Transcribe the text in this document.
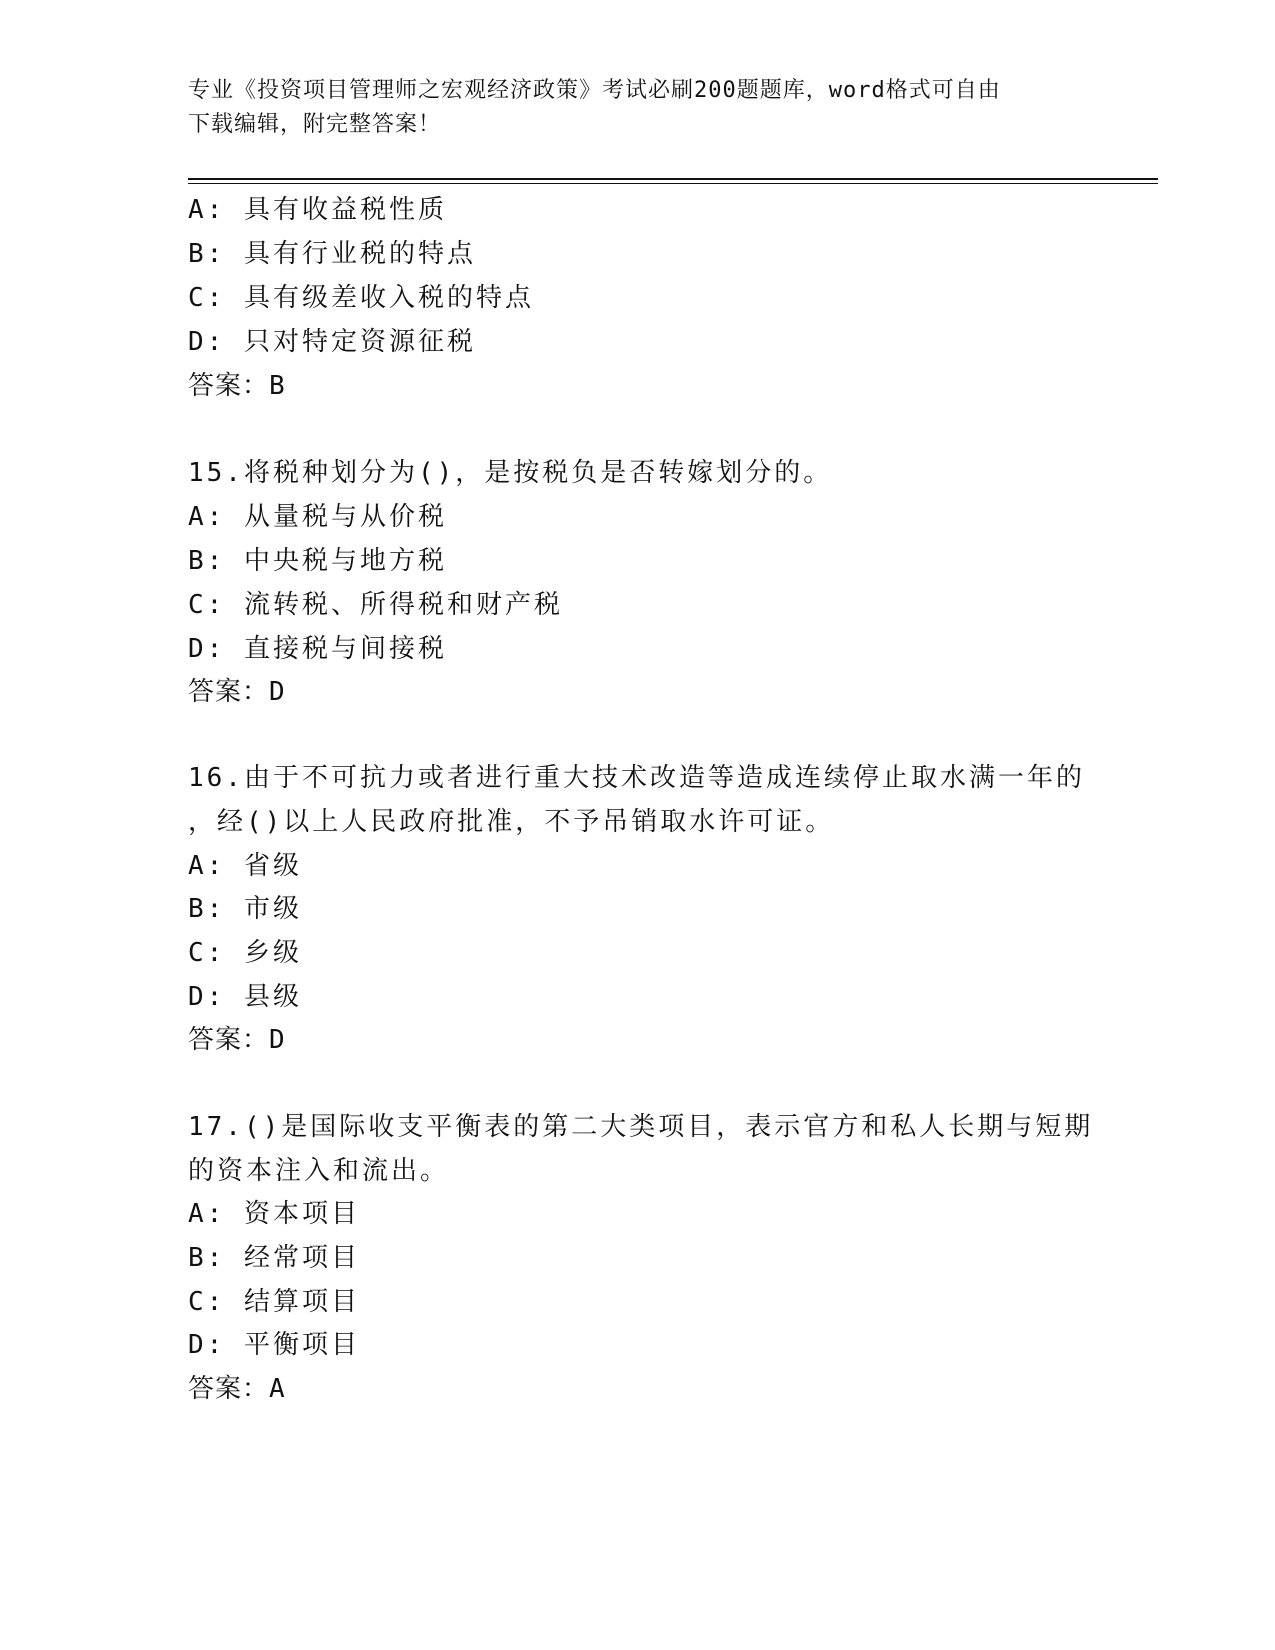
专业《投资项目管理师之宏观经济政策》考试必刷200题题库，word格式可自由
下载编辑，附完整答案！
A: 具有收益税性质
B: 具有行业税的特点
C: 具有级差收入税的特点
D: 只对特定资源征税
答案：B
15.将税种划分为()，是按税负是否转嫁划分的。
A: 从量税与从价税
B: 中央税与地方税
C: 流转税、所得税和财产税
D: 直接税与间接税
答案：D
16.由于不可抗力或者进行重大技术改造等造成连续停止取水满一年的
，经()以上人民政府批准，不予吊销取水许可证。
A: 省级
B: 市级
C: 乡级
D: 县级
答案：D
17.()是国际收支平衡表的第二大类项目，表示官方和私人长期与短期
的资本注入和流出。
A: 资本项目
B: 经常项目
C: 结算项目
D: 平衡项目
答案：A
